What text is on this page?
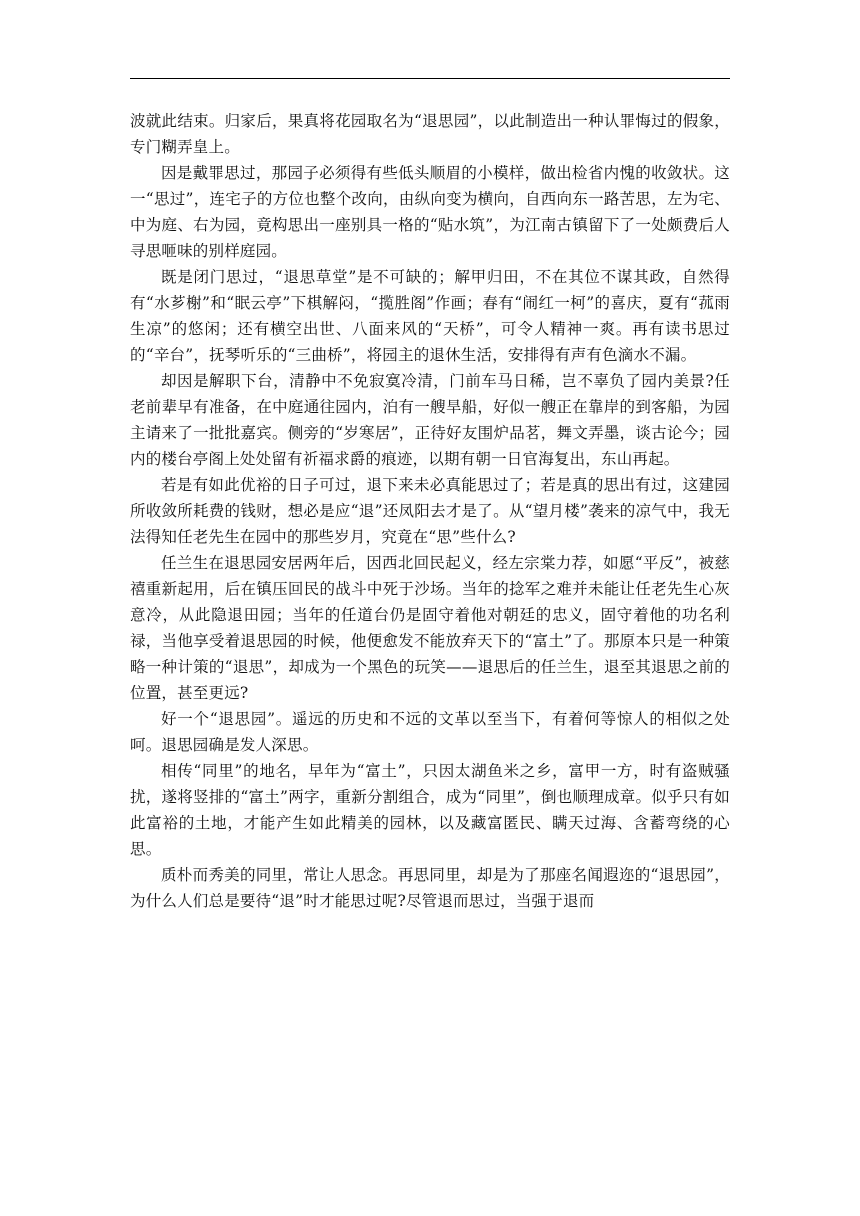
波就此结束。归家后，果真将花园取名为“退思园”，以此制造出一种认罪悔过的假象，专门糊弄皇上。

因是戴罪思过，那园子必须得有些低头顺眉的小模样，做出检省内愧的收敛状。这一“思过”，连宅子的方位也整个改向，由纵向变为横向，自西向东一路苦思，左为宅、中为庭、右为园，竟构思出一座别具一格的“贴水筑”，为江南古镇留下了一处颇费后人寻思咂味的别样庭园。

既是闭门思过，“退思草堂”是不可缺的；解甲归田，不在其位不谋其政，自然得有“水芗榭”和“眠云亭”下棋解闷，“揽胜阁”作画；春有“闹红一柯”的喜庆，夏有“菰雨生凉”的悠闲；还有横空出世、八面来风的“天桥”，可令人精神一爽。再有读书思过的“辛台”，抚琴听乐的“三曲桥”，将园主的退休生活，安排得有声有色滴水不漏。

却因是解职下台，清静中不免寂寞冷清，门前车马日稀，岂不辜负了园内美景?任老前辈早有准备，在中庭通往园内，泊有一艘旱船，好似一艘正在靠岸的到客船，为园主请来了一批批嘉宾。侧旁的“岁寒居”，正待好友围炉品茗，舞文弄墨，谈古论今；园内的楼台亭阁上处处留有祈福求爵的痕迹，以期有朝一日官海复出，东山再起。

若是有如此优裕的日子可过，退下来未必真能思过了；若是真的思出有过，这建园所收敛所耗费的钱财，想必是应“退”还凤阳去才是了。从“望月楼”袭来的凉气中，我无法得知任老先生在园中的那些岁月，究竟在“思”些什么?

任兰生在退思园安居两年后，因西北回民起义，经左宗棠力荐，如愿“平反”，被慈禧重新起用，后在镇压回民的战斗中死于沙场。当年的捻军之难并未能让任老先生心灰意冷，从此隐退田园；当年的任道台仍是固守着他对朝廷的忠义，固守着他的功名利禄，当他享受着退思园的时候，他便愈发不能放弃天下的“富土”了。那原本只是一种策略一种计策的“退思”，却成为一个黑色的玩笑——退思后的任兰生，退至其退思之前的位置，甚至更远?

好一个“退思园”。遥远的历史和不远的文革以至当下，有着何等惊人的相似之处呵。退思园确是发人深思。

相传“同里”的地名，早年为“富土”，只因太湖鱼米之乡，富甲一方，时有盗贼骚扰，遂将竖排的“富土”两字，重新分割组合，成为“同里”，倒也顺理成章。似乎只有如此富裕的土地，才能产生如此精美的园林，以及藏富匿民、瞒天过海、含蓄弯绕的心思。

质朴而秀美的同里，常让人思念。再思同里，却是为了那座名闻遐迩的“退思园”，为什么人们总是要待“退”时才能思过呢?尽管退而思过，当强于退而
